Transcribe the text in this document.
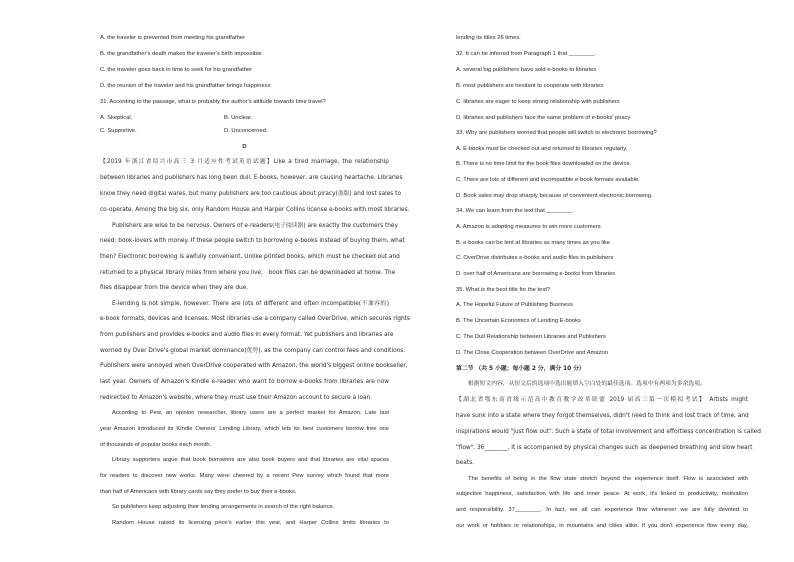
A. the traveler is prevented from meeting his grandfather
B. the grandfather's death makes the traveler's birth impossible
C. the traveler goes back in time to seek for his grandfather
D. the reunion of the traveler and his grandfather brings happiness
31. According to the passage, what is probably the author's attitude towards time travel?
A. Skeptical.	B. Unclear.
C. Supportive.	D. Unconcerned.
D
【2019 年浙江省绍兴市高三 3 月适应性考试英语试题】Like a tired marriage, the relationship
between libraries and publishers has long been dull. E-books, however, are causing heartache. Libraries
know they need digital wares, but many publishers are too cautious about piracy(盗版) and lost sales to
co-operate. Among the big six, only Random House and Harper Collins license e-books with most libraries.
Publishers are wise to be nervous. Owners of e-readers(电子阅读器) are exactly the customers they
need: book-lovers with money. If these people switch to borrowing e-books instead of buying them, what
then? Electronic borrowing is awfully convenient. Unlike printed books, which must be checked out and
returned to a physical library miles from where you live， book files can be downloaded at home. The
files disappear from the device when they are due.
E-lending is not simple, however. There are lots of different and often incompatible(不兼容的)
e-book formats, devices and licenses. Most libraries use a company called OverDrive, which secures rights
from publishers and provides e-books and audio files in every format. Yet publishers and libraries are
worried by Over Drive's global market dominance(优势), as the company can control fees and conditions.
Publishers were annoyed when OverDrive cooperated with Amazon, the world's biggest online bookseller,
last year. Owners of Amazon's Kindle e-reader who want to borrow e-books from libraries are now
redirected to Amazon's website, where they must use their Amazon account to secure a loan.
According to Pew, an opinion researcher, library users are a perfect market for Amazon. Late last
year Amazon introduced its Kindle Owners' Lending Library, which lets its best customers borrow free one
of thousands of popular books each month.
Library supporters argue that book borrowers are also book buyers and that libraries are vital spaces
for readers to discover new works. Many were cheered by a recent Pew survey which found that more
than half of Americans with library cards say they prefer to buy their e-books.
So publishers keep adjusting their lending arrangements in search of the right balance.
Random House raised its licensing price's earlier this year, and Harper Collins limits libraries to
lending its titles 26 times.
32. It can be inferred from Paragraph 1 that ________.
A. several big publishers have sold e-books to libraries
B. most publishers are hesitant to cooperate with libraries
C. libraries are eager to keep strong relationship with publishers
D. libraries and publishers face the same problem of e-books' piracy
33. Why are publishers worried that people will switch to electronic borrowing?
A. E-books must be checked out and returned to libraries regularly.
B. There is no time limit for the book files downloaded on the device.
C. There are lots of different and incompatible e-book formats available.
D. Book sales may drop sharply because of convenient electronic borrowing.
34. We can learn from the text that ________.
A. Amazon is adopting measures to win more customers
B. e-books can be lent at libraries as many times as you like
C. OverDrive distributes e-books and audio files to publishers
D. over half of Americans are borrowing e-books from libraries
35. What is the best title for the text?
A. The Hopeful Future of Publishing Business
B. The Uncertain Economics of Lending E-books
C. The Dull Relationship between Libraries and Publishers
D. The Close Cooperation between OverDrive and Amazon
第二节 （共 5 小题；每小题 2 分，满分 10 分）
根据短文内容，从短文后的选项中选出能填入空白处的最佳选项。选项中有两项为多余选项。
【湖北省鄂东南省级示范高中教育教学改革联盟 2019 届高三第一次模拟考试】 Artists might
have sunk into a state where they forgot themselves, didn't need to think and lost track of time, and
inspirations would "just flow out". Such a state of total involvement and effortless concentration is called
"flow". 36________. It is accompanied by physical changes such as deepened breathing and slow heart
beats.
The benefits of being in the flow state stretch beyond the experience itself. Flow is associated with
subjective happiness, satisfaction with life and inner peace. At work, it's linked to productivity, motivation
and responsibility. 37________. In fact, we all can experience flow whenever we are fully devoted to
our work or hobbies or relationships, in mountains and cities alike. If you don't experience flow every day,
